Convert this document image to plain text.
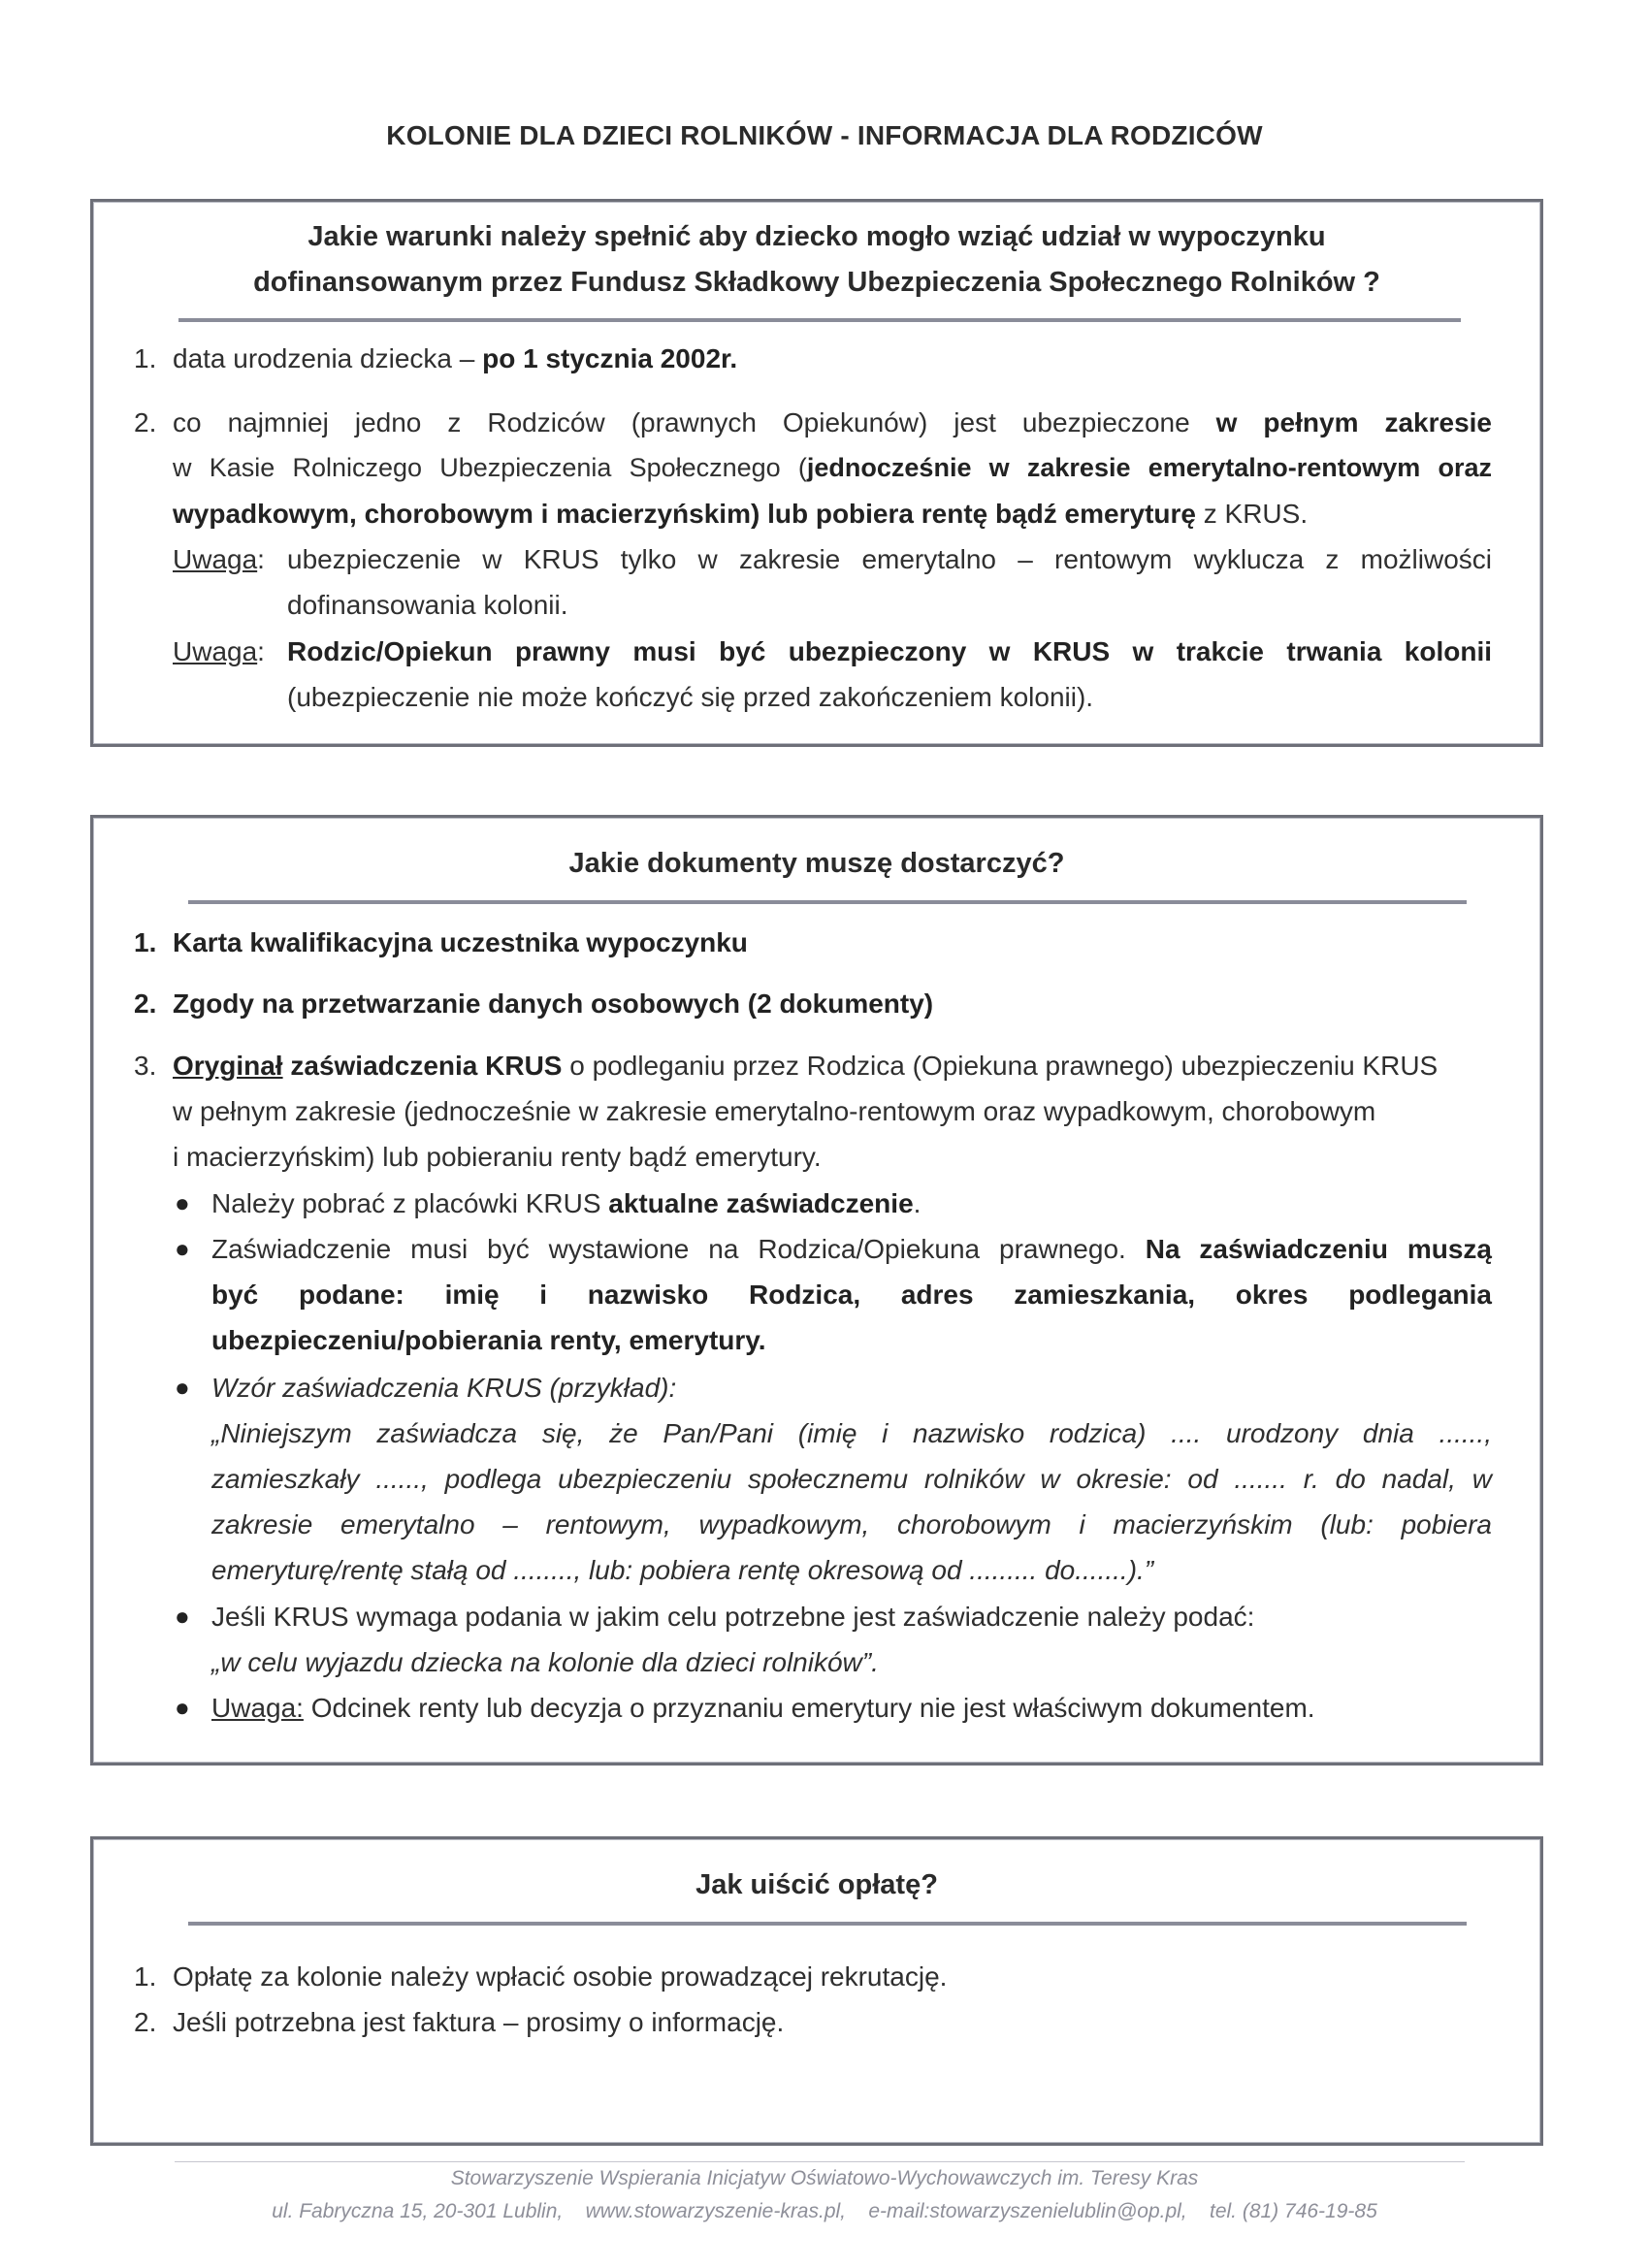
KOLONIE DLA DZIECI ROLNIKÓW - INFORMACJA DLA RODZICÓW
Jakie warunki należy spełnić aby dziecko mogło wziąć udział w wypoczynku
dofinansowanym przez Fundusz Składkowy Ubezpieczenia Społecznego Rolników ?
1. data urodzenia dziecka – po 1 stycznia 2002r.
2. co najmniej jedno z Rodziców (prawnych Opiekunów) jest ubezpieczone w pełnym zakresie
w Kasie Rolniczego Ubezpieczenia Społecznego (jednocześnie w zakresie emerytalno-rentowym oraz
wypadkowym, chorobowym i macierzyńskim) lub pobiera rentę bądź emeryturę z KRUS.
Uwaga: ubezpieczenie w KRUS tylko w zakresie emerytalno – rentowym wyklucza z możliwości
dofinansowania kolonii.
Uwaga: Rodzic/Opiekun prawny musi być ubezpieczony w KRUS w trakcie trwania kolonii
(ubezpieczenie nie może kończyć się przed zakończeniem kolonii).
Jakie dokumenty muszę dostarczyć?
1. Karta kwalifikacyjna uczestnika wypoczynku
2. Zgody na przetwarzanie danych osobowych (2 dokumenty)
3. Oryginał zaświadczenia KRUS o podleganiu przez Rodzica (Opiekuna prawnego) ubezpieczeniu KRUS
w pełnym zakresie (jednocześnie w zakresie emerytalno-rentowym oraz wypadkowym, chorobowym
i macierzyńskim) lub pobieraniu renty bądź emerytury.
● Należy pobrać z placówki KRUS aktualne zaświadczenie.
● Zaświadczenie musi być wystawione na Rodzica/Opiekuna prawnego. Na zaświadczeniu muszą
być podane: imię i nazwisko Rodzica, adres zamieszkania, okres podlegania
ubezpieczeniu/pobierania renty, emerytury.
● Wzór zaświadczenia KRUS (przykład):
„Niniejszym zaświadcza się, że Pan/Pani (imię i nazwisko rodzica) .... urodzony dnia ......,
zamieszkały ......, podlega ubezpieczeniu społecznemu rolników w okresie: od ....... r. do nadal, w
zakresie emerytalno – rentowym, wypadkowym, chorobowym i macierzyńskim (lub: pobiera
emeryturę/rentę stałą od ........, lub: pobiera rentę okresową od ......... do.......).”
● Jeśli KRUS wymaga podania w jakim celu potrzebne jest zaświadczenie należy podać:
„w celu wyjazdu dziecka na kolonie dla dzieci rolników”.
● Uwaga: Odcinek renty lub decyzja o przyznaniu emerytury nie jest właściwym dokumentem.
Jak uiścić opłatę?
1. Opłatę za kolonie należy wpłacić osobie prowadzącej rekrutację.
2. Jeśli potrzebna jest faktura – prosimy o informację.
Stowarzyszenie Wspierania Inicjatyw Oświatowo-Wychowawczych im. Teresy Kras
ul. Fabryczna 15, 20-301 Lublin, www.stowarzyszenie-kras.pl, e-mail:stowarzyszenielublin@op.pl, tel. (81) 746-19-85
